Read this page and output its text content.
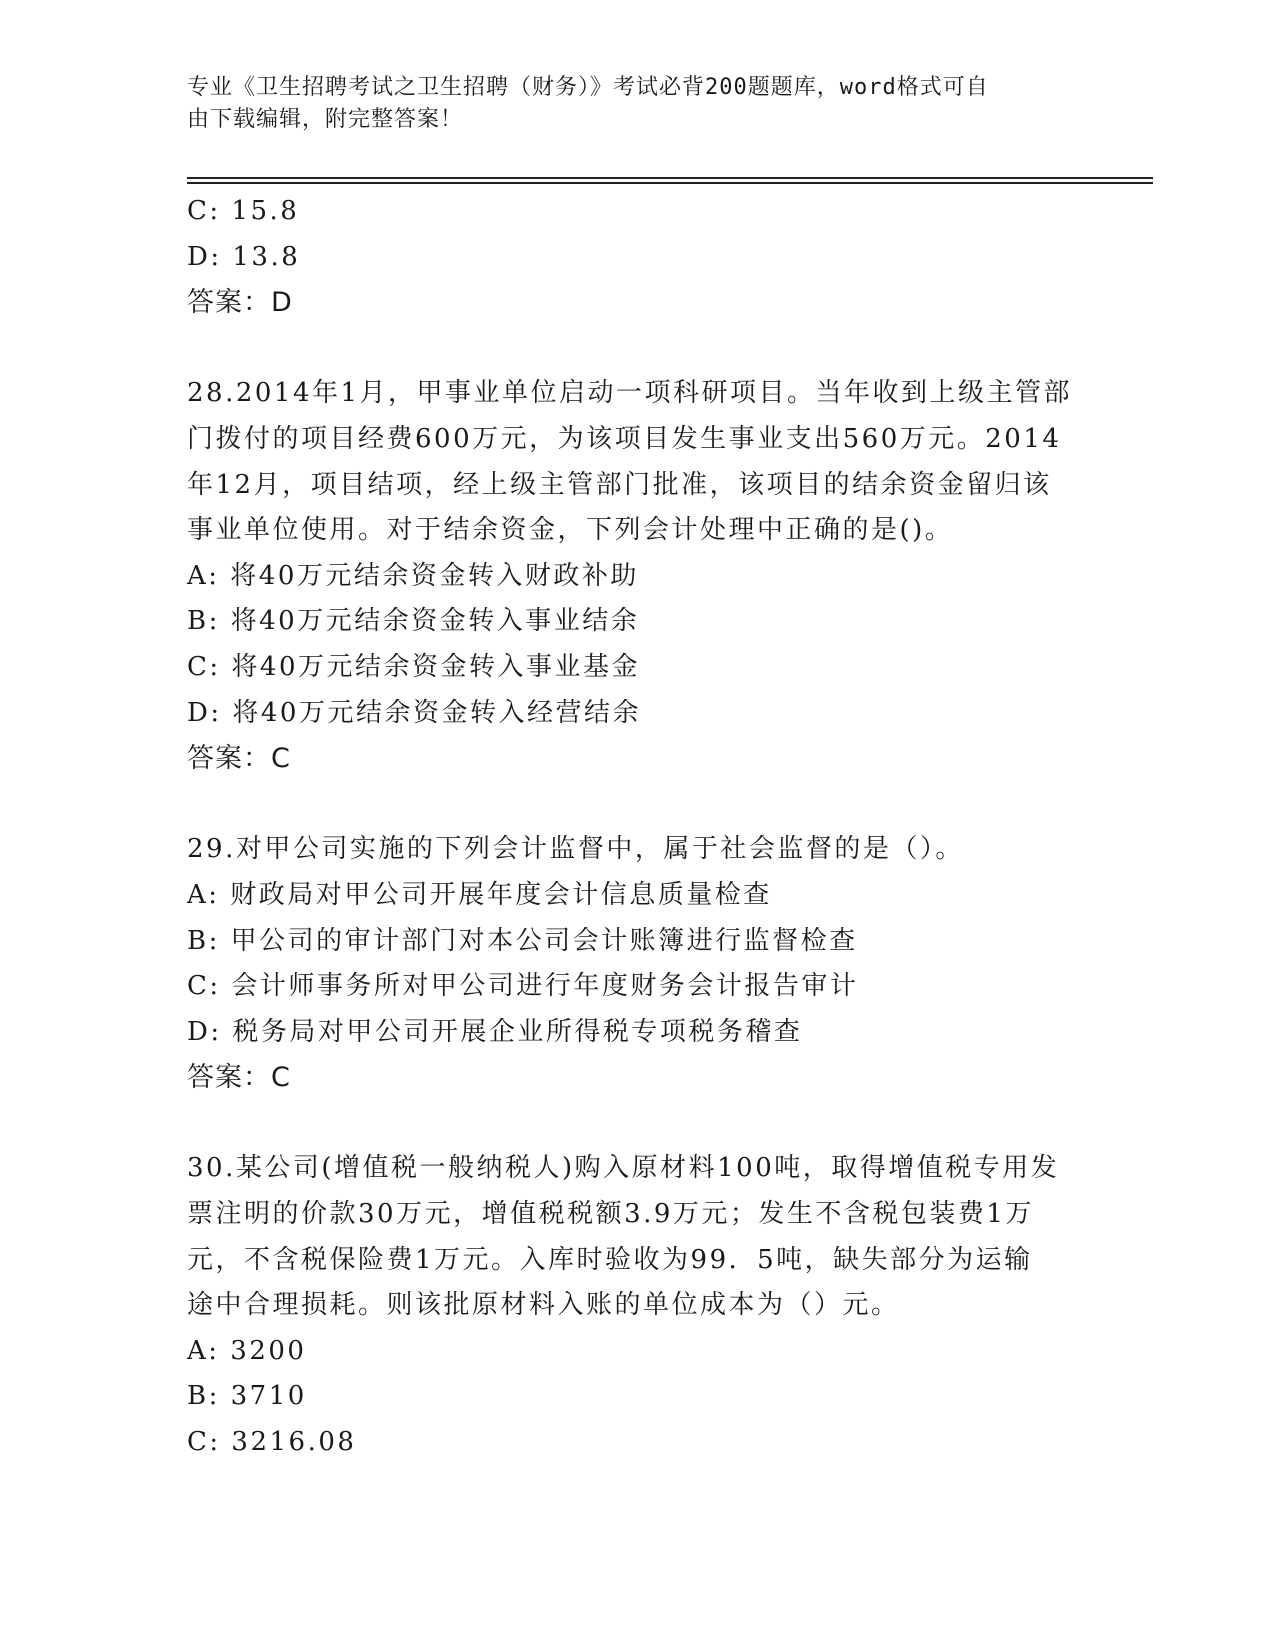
专业《卫生招聘考试之卫生招聘（财务）》考试必背200题题库，word格式可自
由下载编辑，附完整答案！
C: 15.8
D: 13.8
答案：D
28.2014年1月，甲事业单位启动一项科研项目。当年收到上级主管部
门拨付的项目经费600万元，为该项目发生事业支出560万元。2014
年12月，项目结项，经上级主管部门批准，该项目的结余资金留归该
事业单位使用。对于结余资金，下列会计处理中正确的是()。
A: 将40万元结余资金转入财政补助
B: 将40万元结余资金转入事业结余
C: 将40万元结余资金转入事业基金
D: 将40万元结余资金转入经营结余
答案：C
29.对甲公司实施的下列会计监督中，属于社会监督的是（）。
A: 财政局对甲公司开展年度会计信息质量检查
B: 甲公司的审计部门对本公司会计账簿进行监督检查
C: 会计师事务所对甲公司进行年度财务会计报告审计
D: 税务局对甲公司开展企业所得税专项税务稽查
答案：C
30.某公司(增值税一般纳税人)购入原材料100吨，取得增值税专用发
票注明的价款30万元，增值税税额3.9万元；发生不含税包装费1万
元，不含税保险费1万元。入库时验收为99．5吨，缺失部分为运输
途中合理损耗。则该批原材料入账的单位成本为（）元。
A: 3200
B: 3710
C: 3216.08
